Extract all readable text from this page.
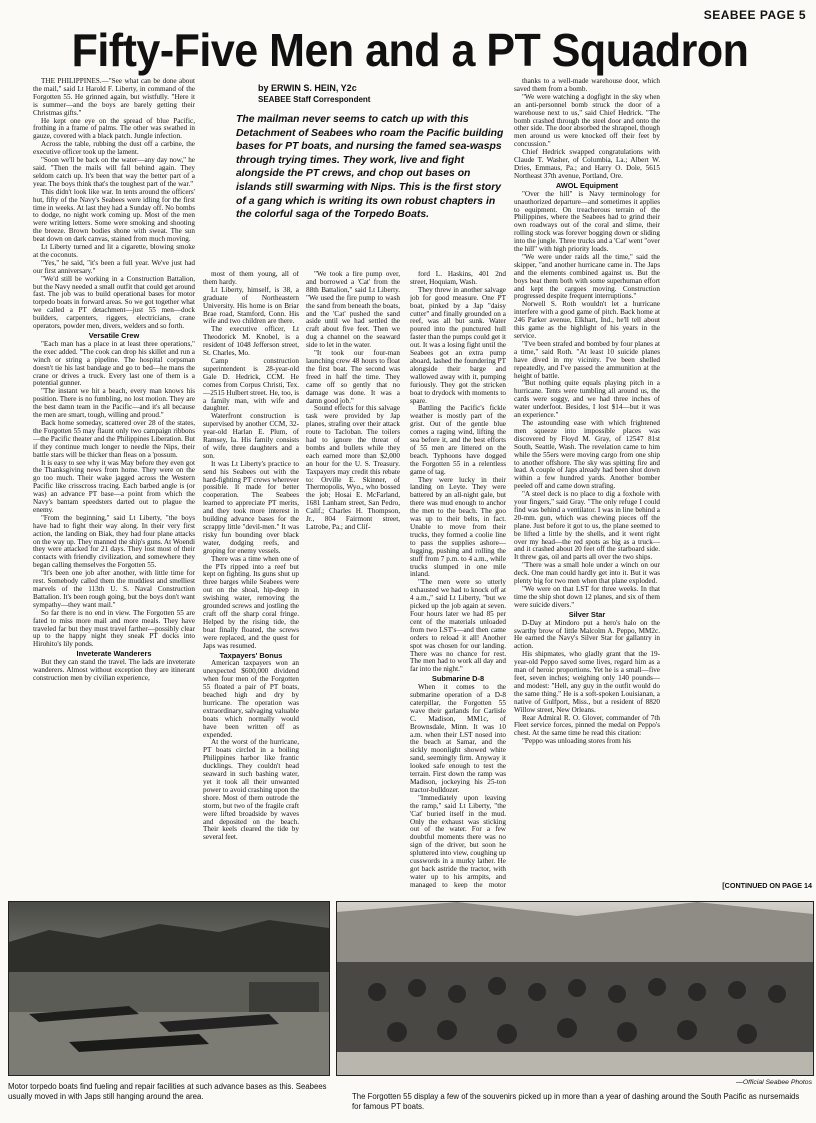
SEABEE PAGE 5
Fifty-Five Men and a PT Squadron
by ERWIN S. HEIN, Y2c
SEABEE Staff Correspondent
The mailman never seems to catch up with this Detachment of Seabees who roam the Pacific building bases for PT boats, and nursing the famed sea-wasps through trying times. They work, live and fight alongside the PT crews, and chop out bases on islands still swarming with Nips. This is the first story of a gang which is writing its own robust chapters in the colorful saga of the Torpedo Boats.

THE PHILIPPINES.—"See what can be done about the mail," said Lt Harold F. Liberty, in command of the Forgotten 55. He grinned again, but wistfully. "Here it is summer—and the boys are barely getting their Christmas gifts."

He kept one eye on the spread of blue Pacific, frothing in a frame of palms. The other was swathed in gauze, covered with a black patch. Jungle infection.

Across the table, rubbing the dust off a carbine, the executive officer took up the lament.

"Soon we'll be back on the water—any day now," he said. "Then the mails will fall behind again. They seldom catch up. It's been that way the better part of a year. The boys think that's the toughest part of the war."

This didn't look like war. In tents around the officers' hut, fifty of the Navy's Seabees were idling for the first time in weeks. At last they had a Sunday off. No bombs to dodge, no night work coming up. Most of the men were writing letters. Some were smoking and shooting the breeze. Brown bodies shone with sweat. The sun beat down on dark canvas, stained from much moving.

Lt Liberty turned and lit a cigarette, blowing smoke at the coconuts.

"Yes," he said, "it's been a full year. We've just had our first anniversary."

"We'd still be working in a Construction Battalion, but the Navy needed a small outfit that could get around fast. The job was to build operational bases for motor torpedo boats in forward areas. So we got together what we called a PT detachment—just 55 men—dock builders, carpenters, riggers, electricians, crane operators, powder men, divers, welders and so forth.

Versatile Crew

"Each man has a place in at least three operations," the exec added. "The cook can drop his skillet and run a winch or string a pipeline. The hospital corpsman doesn't tie his last bandage and go to bed—he mans the crane or drives a truck. Every last one of them is a potential gunner.

"The instant we hit a beach, every man knows his position. There is no fumbling, no lost motion. They are the best damn team in the Pacific—and it's all because the men are smart, tough, willing and proud."

Back home someday, scattered over 28 of the states, the Forgotten 55 may flaunt only two campaign ribbons—the Pacific theater and the Philippines Liberation. But if they continue much longer to needle the Nips, their battle stars will be thicker than fleas on a 'possum.

It is easy to see why it was May before they even got the Thanksgiving news from home. They were on the go too much. Their wake jagged across the Western Pacific like crisscross tracing. Each barbed angle is (or was) an advance PT base—a point from which the Navy's bantam speedsters darted out to plague the enemy.

"From the beginning," said Lt Liberty, "the boys have had to fight their way along. In their very first action, the landing on Biak, they had four plane attacks on the way up. They manned the ship's guns. At Woendi they were attacked for 21 days. They lost most of their contacts with friendly civilization, and somewhere they began calling themselves the Forgotten 55.

"It's been one job after another, with little time for rest. Somebody called them the muddiest and smelliest marvels of the 113th U. S. Naval Construction Battalion. It's been rough going, but the boys don't want sympathy—they want mail."

So far there is no end in view. The Forgotten 55 are fated to miss more mail and more meals. They have traveled far but they must travel farther—possibly clear up to the happy night they sneak PT docks into Hirohito's lily ponds.

Inveterate Wanderers

But they can stand the travel. The lads are inveterate wanderers. Almost without exception they are itinerant construction men by civilian experience,

most of them young, all of them hardy.

Lt Liberty, himself, is 38, a graduate of Northeastern University. His home is on Briar Brae road, Stamford, Conn. His wife and two children are there.

The executive officer, Lt Theodorick M. Knobel, is a resident of 1048 Jefferson street, St. Charles, Mo.

Camp construction superintendent is 28-year-old Gale D. Hedrick, CCM. He comes from Corpus Christi, Tex.—2515 Hulbert street. He, too, is a family man, with wife and daughter.

Waterfront construction is supervised by another CCM, 32-year-old Harlan E. Plum, of Ramsey, Ia. His family consists of wife, three daughters and a son.

It was Lt Liberty's practice to send his Seabees out with the hard-fighting PT crews wherever possible. It made for better cooperation. The Seabees learned to appreciate PT merits, and they took more interest in building advance bases for the scrappy little "devil-men." It was risky fun bounding over black water, dodging reefs, and groping for enemy vessels.

There was a time when one of the PTs ripped into a reef but kept on fighting. Its guns shut up three barges while Seabees were out on the shoal, hip-deep in swishing water, removing the grounded screws and jostling the craft off the sharp coral fringe. Helped by the rising tide, the boat finally floated, the screws were replaced, and the quest for Japs was resumed.

Taxpayers' Bonus

American taxpayers won an unexpected $600,000 dividend when four men of the Forgotten 55 floated a pair of PT boats, beached high and dry by hurricane. The operation was extraordinary, salvaging valuable boats which normally would have been written off as expended.

At the worst of the hurricane, PT boats circled in a boiling Philippines harbor like frantic ducklings. They couldn't head seaward in such bashing water, yet it took all their unwanted power to avoid crashing upon the shore. Most of them outrode the storm, but two of the fragile craft were lifted broadside by waves and deposited on the beach. Their keels cleared the tide by several feet.

"We took a fire pump over, and borrowed a 'Cat' from the 88th Battalion," said Lt Liberty. "We used the fire pump to wash the sand from beneath the boats, and the 'Cat' pushed the sand aside until we had settled the craft about five feet. Then we dug a channel on the seaward side to let in the water.

"It took our four-man launching crew 48 hours to float the first boat. The second was freed in half the time. They came off so gently that no damage was done. It was a damn good job."

Sound effects for this salvage task were provided by Jap planes, strafing over their attack route to Tacloban. The toilers had to ignore the threat of bombs and bullets while they each earned more than $2,000 an hour for the U. S. Treasury. Taxpayers may credit this rebate to: Orville E. Skinner, of Thermopolis, Wyo., who bossed the job; Hosai E. McFarland, 1681 Lanham street, San Pedro, Calif.; Charles H. Thompson, Jr., 804 Fairmont street, Latrobe, Pa.; and Clif-

ford L. Haskins, 401 2nd street, Hoquiam, Wash.

They threw in another salvage job for good measure. One PT boat, pinked by a Jap "daisy cutter" and finally grounded on a reef, was all but sunk. Water poured into the punctured hull faster than the pumps could get it out. It was a losing fight until the Seabees got an extra pump aboard, lashed the foundering PT alongside their barge and wallowed away with it, pumping furiously. They got the stricken boat to drydock with moments to spare.

Battling the Pacific's fickle weather is mostly part of the grist. Out of the gentle blue comes a raging wind, lifting the sea before it, and the best efforts of 55 men are littered on the beach. Typhoons have dogged the Forgotten 55 in a relentless game of tag.

They were lucky in their landing on Leyte. They were battered by an all-night gale, but there was mud enough to anchor the men to the beach. The goo was up to their belts, in fact. Unable to move from their trucks, they formed a coolie line to pass the supplies ashore—lugging, pushing and rolling the stuff from 7 p.m. to 4 a.m., while trucks slumped in one mile inland.

"The men were so utterly exhausted we had to knock off at 4 a.m.," said Lt Liberty, "but we picked up the job again at seven. Four hours later we had 85 per cent of the materials unloaded from two LST's—and then came orders to reload it all! Another spot was chosen for our landing. There was no chance for rest. The men had to work all day and far into the night."

Submarine D-8

When it comes to the submarine operation of a D-8 caterpillar, the Forgotten 55 wave their garlands for Carlisle C. Madison, MM1c, of Brownsdale, Minn. It was 10 a.m. when their LST nosed into the beach at Samar, and the sickly moonlight showed white sand, seemingly firm. Anyway it looked safe enough to test the terrain. First down the ramp was Madison, jockeying his 25-ton tractor-bulldozer.

"Immediately upon leaving the ramp," said Lt Liberty, "the 'Cat' buried itself in the mud. Only the exhaust was sticking out of the water. For a few doubtful moments there was no sign of the driver, but soon he spluttered into view, coughing up cusswords in a murky lather. He got back astride the tractor, with water up to his armpits, and managed to keep the motor

thanks to a well-made warehouse door, which saved them from a bomb.

"We were watching a dogfight in the sky when an anti-personnel bomb struck the door of a warehouse next to us," said Chief Hedrick. "The bomb crashed through the steel door and onto the other side. The door absorbed the shrapnel, though men around us were knocked off their feet by concussion."

Chief Hedrick swapped congratulations with Claude T. Washer, of Columbia, La.; Albert W. Dries, Emmaus, Pa.; and Harry O. Dole, 5615 Northeast 37th avenue, Portland, Ore.

AWOL Equipment

"Over the hill" is Navy terminology for unauthorized departure—and sometimes it applies to equipment. On treacherous terrain of the Philippines, where the Seabees had to grind their own roadways out of the coral and slime, their rolling stock was forever bogging down or sliding into the jungle. Three trucks and a 'Cat' went "over the hill" with high priority loads.

"We were under raids all the time," said the skipper, "and another hurricane came in. The Japs and the elements combined against us. But the boys beat them both with some superhuman effort and kept the cargoes moving. Construction progressed despite frequent interruptions."

Norwell S. Roth wouldn't let a hurricane interfere with a good game of pitch. Back home at 246 Parker avenue, Elkhart, Ind., he'll tell about this game as the highlight of his years in the service.

"I've been strafed and bombed by four planes at a time," said Roth. "At least 10 suicide planes have dived in my vicinity. I've been shelled repeatedly, and I've passed the ammunition at the height of battle.

"But nothing quite equals playing pitch in a hurricane. Tents were tumbling all around us, the cards were soggy, and we had three inches of water underfoot. Besides, I lost $14—but it was an experience."

The astounding ease with which frightened men squeeze into impossible places was discovered by Floyd M. Gray, of 12547 81st South, Seattle, Wash. The revelation came to him while the 55ers were moving cargo from one ship to another offshore. The sky was spitting fire and lead. A couple of Japs already had been shot down within a few hundred yards. Another bomber peeled off and came down strafing.

"A steel deck is no place to dig a foxhole with your fingers," said Gray. "The only refuge I could find was behind a ventilator. I was in line behind a 20-mm. gun, which was chewing pieces off the plane. Just before it got to us, the plane seemed to be lifted a little by the shells, and it went right over my head—the red spots as big as a truck—and it crashed about 20 feet off the starboard side. It threw gas, oil and parts all over the two ships.

"There was a small hole under a winch on our deck. One man could hardly get into it. But it was plenty big for two men when that plane exploded.

"We were on that LST for three weeks. In that time the ship shot down 12 planes, and six of them were suicide divers."

Silver Star

D-Day at Mindoro put a hero's halo on the swarthy brow of little Malcolm A. Peppo, MM2c. He earned the Navy's Silver Star for gallantry in action.

His shipmates, who gladly grant that the 19-year-old Peppo saved some lives, regard him as a man of heroic proportions. Yet he is a small—five feet, seven inches; weighing only 140 pounds—and modest: "Hell, any guy in the outfit would do the same thing." He is a soft-spoken Louisianan, a native of Gulfport, Miss., but a resident of 8820 Willow street, New Orleans.

Rear Admiral R. O. Glover, commander of 7th Fleet service forces, pinned the medal on Peppo's chest. At the same time he read this citation:

"Peppo was unloading stores from his

[CONTINUED ON PAGE 14
—Official Seabee Photos
Motor torpedo boats find fueling and repair facilities at such advance bases as this. Seabees usually moved in with Japs still hanging around the area.	The Forgotten 55 display a few of the souvenirs picked up in more than a year of dashing around the South Pacific as nursemaids for famous PT boats.
